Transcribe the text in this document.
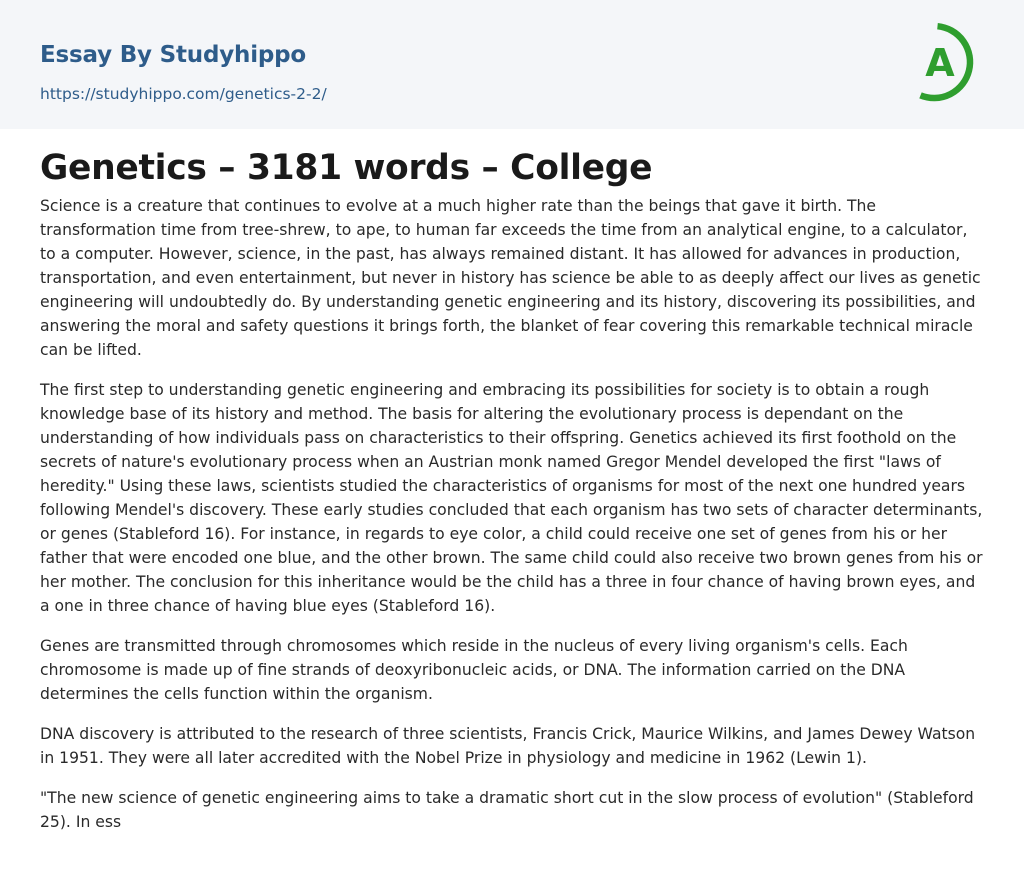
Essay By Studyhippo
https://studyhippo.com/genetics-2-2/
A
Genetics – 3181 words – College

Science is a creature that continues to evolve at a much higher rate than the beings that gave it birth. The transformation time from tree-shrew, to ape, to human far exceeds the time from an analytical engine, to a calculator, to a computer. However, science, in the past, has always remained distant. It has allowed for advances in production, transportation, and even entertainment, but never in history has science be able to as deeply affect our lives as genetic engineering will undoubtedly do. By understanding genetic engineering and its history, discovering its possibilities, and answering the moral and safety questions it brings forth, the blanket of fear covering this remarkable technical miracle can be lifted.

The first step to understanding genetic engineering and embracing its possibilities for society is to obtain a rough knowledge base of its history and method. The basis for altering the evolutionary process is dependant on the understanding of how individuals pass on characteristics to their offspring. Genetics achieved its first foothold on the secrets of nature's evolutionary process when an Austrian monk named Gregor Mendel developed the first "laws of heredity." Using these laws, scientists studied the characteristics of organisms for most of the next one hundred years following Mendel's discovery. These early studies concluded that each organism has two sets of character determinants, or genes (Stableford 16). For instance, in regards to eye color, a child could receive one set of genes from his or her father that were encoded one blue, and the other brown. The same child could also receive two brown genes from his or her mother. The conclusion for this inheritance would be the child has a three in four chance of having brown eyes, and a one in three chance of having blue eyes (Stableford 16).

Genes are transmitted through chromosomes which reside in the nucleus of every living organism's cells. Each chromosome is made up of fine strands of deoxyribonucleic acids, or DNA. The information carried on the DNA determines the cells function within the organism.

DNA discovery is attributed to the research of three scientists, Francis Crick, Maurice Wilkins, and James Dewey Watson in 1951. They were all later accredited with the Nobel Prize in physiology and medicine in 1962 (Lewin 1).

"The new science of genetic engineering aims to take a dramatic short cut in the slow process of evolution" (Stableford 25). In ess
